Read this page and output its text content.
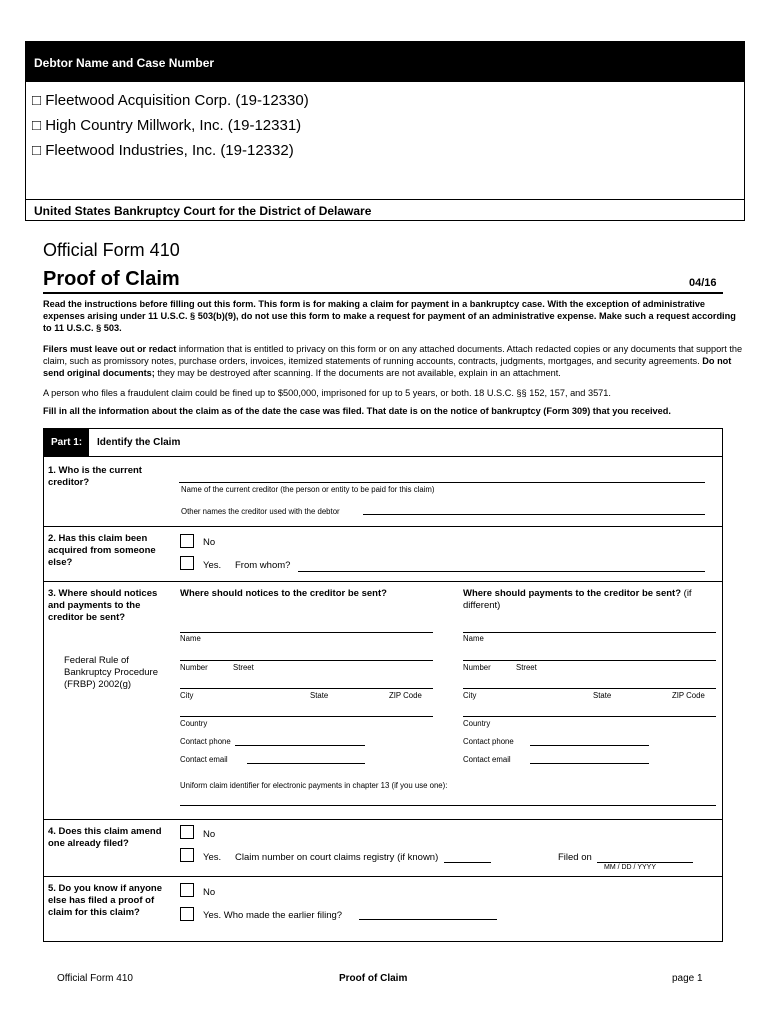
Debtor Name and Case Number
□ Fleetwood Acquisition Corp. (19-12330)
□ High Country Millwork, Inc. (19-12331)
□ Fleetwood Industries, Inc. (19-12332)
United States Bankruptcy Court for the District of Delaware
Official Form 410
Proof of Claim	04/16
Read the instructions before filling out this form. This form is for making a claim for payment in a bankruptcy case. With the exception of administrative expenses arising under 11 U.S.C. § 503(b)(9), do not use this form to make a request for payment of an administrative expense. Make such a request according to 11 U.S.C. § 503.
Filers must leave out or redact information that is entitled to privacy on this form or on any attached documents. Attach redacted copies or any documents that support the claim, such as promissory notes, purchase orders, invoices, itemized statements of running accounts, contracts, judgments, mortgages, and security agreements. Do not send original documents; they may be destroyed after scanning. If the documents are not available, explain in an attachment.
A person who files a fraudulent claim could be fined up to $500,000, imprisoned for up to 5 years, or both. 18 U.S.C. §§ 152, 157, and 3571.
Fill in all the information about the claim as of the date the case was filed. That date is on the notice of bankruptcy (Form 309) that you received.
Part 1:	Identify the Claim
1. Who is the current creditor?
Name of the current creditor (the person or entity to be paid for this claim)
Other names the creditor used with the debtor
2. Has this claim been acquired from someone else?
No
Yes. From whom?
3. Where should notices and payments to the creditor be sent?
Federal Rule of Bankruptcy Procedure (FRBP) 2002(g)
Where should notices to the creditor be sent?	Where should payments to the creditor be sent? (if different)
Name
Number	Street
City	State	ZIP Code
Country
Contact phone
Contact email
Name
Number	Street
City	State	ZIP Code
Country
Contact phone
Contact email
Uniform claim identifier for electronic payments in chapter 13 (if you use one):
4. Does this claim amend one already filed?
No
Yes. Claim number on court claims registry (if known)	Filed on
MM / DD / YYYY
5. Do you know if anyone else has filed a proof of claim for this claim?
No
Yes. Who made the earlier filing?
Official Form 410	Proof of Claim	page 1
